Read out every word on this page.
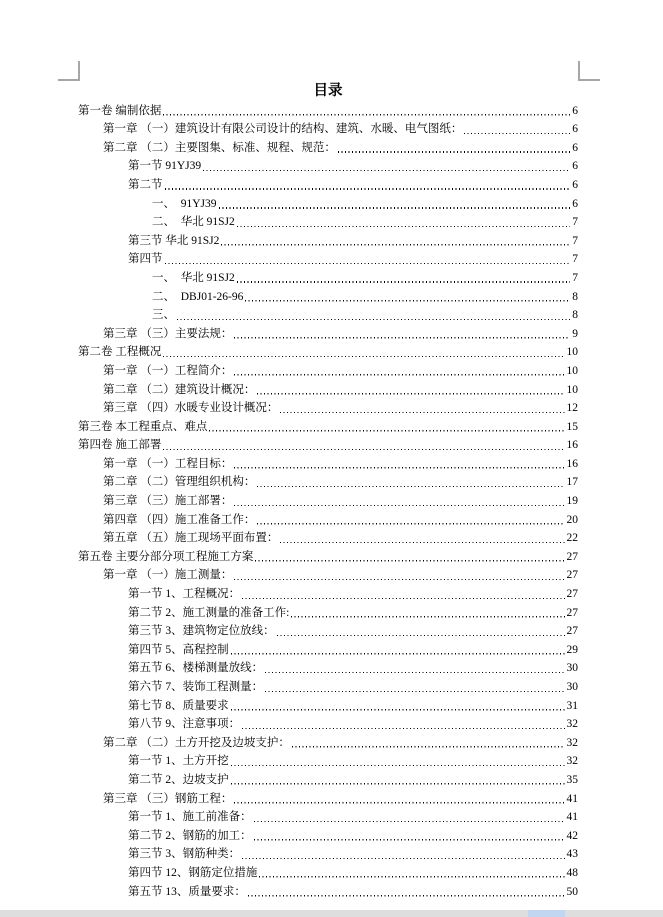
目录
第一卷 编制依据	6
第一章 （一）建筑设计有限公司设计的结构、建筑、水暖、电气图纸：	6
第二章 （二）主要图集、标准、规程、规范：	6
第一节 91YJ39	6
第二节	6
一、　91YJ39	6
二、　华北 91SJ2	7
第三节 华北 91SJ2	7
第四节	7
一、　华北 91SJ2	7
二、　DBJ01-26-96	8
三、	8
第三章 （三）主要法规：	9
第二卷 工程概况	10
第一章 （一）工程简介：	10
第二章 （二）建筑设计概况：	10
第三章 （四）水暖专业设计概况：	12
第三卷 本工程重点、难点	15
第四卷 施工部署	16
第一章 （一）工程目标：	16
第二章 （二）管理组织机构：	17
第三章 （三）施工部署：	19
第四章 （四）施工准备工作：	20
第五章 （五）施工现场平面布置：	22
第五卷 主要分部分项工程施工方案	27
第一章 （一）施工测量：	27
第一节 1、工程概况：	27
第二节 2、施工测量的准备工作:	27
第三节 3、建筑物定位放线：	27
第四节 5、高程控制	29
第五节 6、楼梯测量放线：	30
第六节 7、装饰工程测量：	30
第七节 8、质量要求	31
第八节 9、注意事项：	32
第二章 （二）土方开挖及边坡支护：	32
第一节 1、土方开挖	32
第二节 2、边坡支护	35
第三章 （三）钢筋工程：	41
第一节 1、施工前准备：	41
第二节 2、钢筋的加工：	42
第三节 3、钢筋种类：	43
第四节 12、钢筋定位措施	48
第五节 13、质量要求：	50
